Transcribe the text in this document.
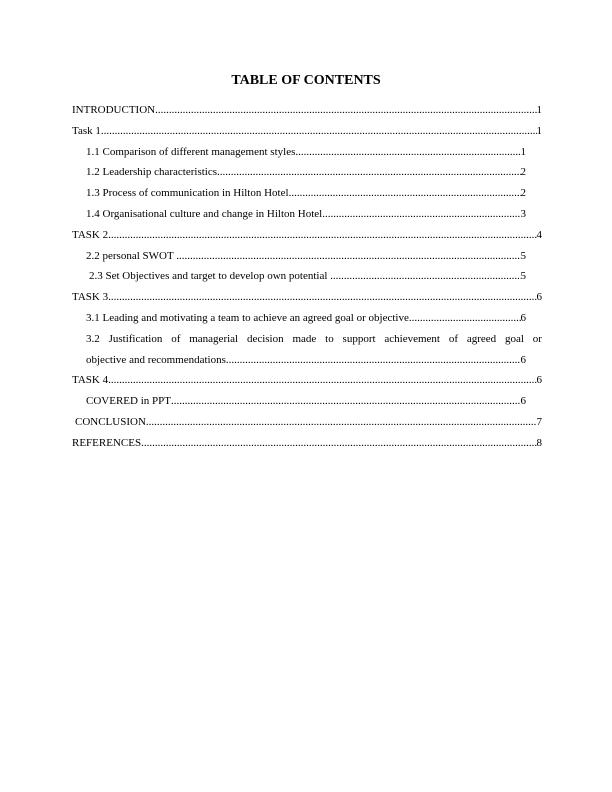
TABLE OF CONTENTS
INTRODUCTION .....	1
Task 1 .....	1
1.1 Comparison of different management styles .....	1
1.2 Leadership characteristics .....	2
1.3 Process of communication in Hilton Hotel .....	2
1.4 Organisational culture and change in Hilton Hotel .....	3
TASK 2 .....	4
2.2 personal SWOT .....	5
2.3 Set Objectives and target to develop own potential .....	5
TASK 3 .....	6
3.1 Leading and motivating a team to achieve an agreed goal or objective .....	6
3.2 Justification of managerial decision made to support achievement of agreed goal or
objective and recommendations .....	6
TASK 4 .....	6
COVERED in PPT .....	6
CONCLUSION .....	7
REFERENCES .....	8
